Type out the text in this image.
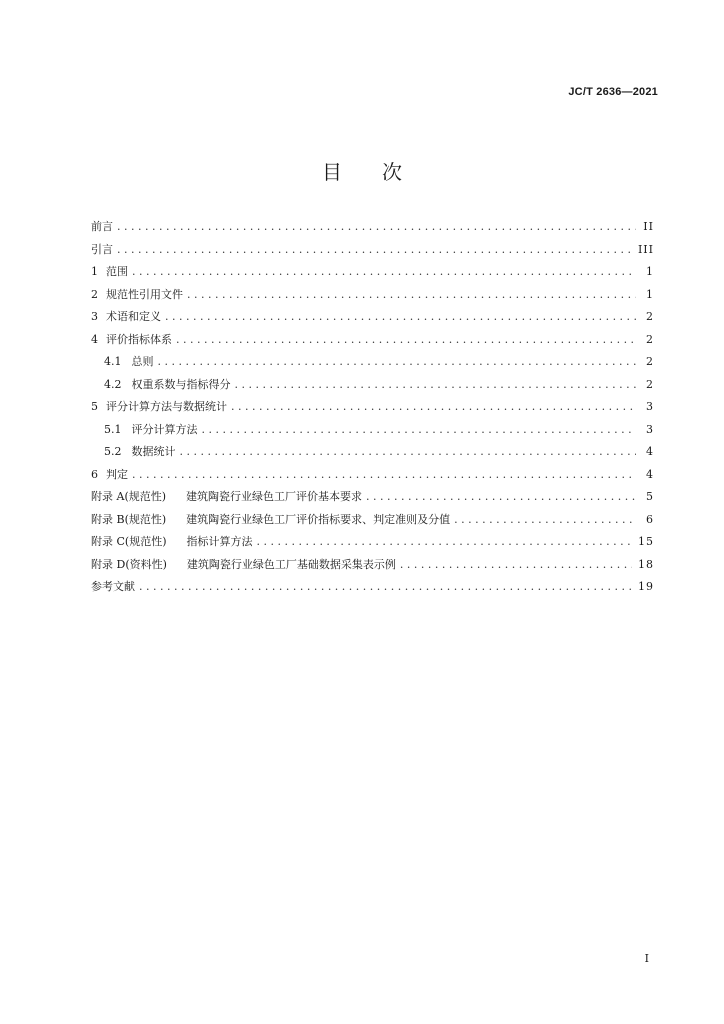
JC/T 2636—2021
目 次
前言 . . .	II
引言 . . .	III
1 范围 . . .	1
2 规范性引用文件 . . .	1
3 术语和定义 . . .	2
4 评价指标体系 . . .	2
4.1 总则 . . .	2
4.2 权重系数与指标得分 . . .	2
5 评分计算方法与数据统计 . . .	3
5.1 评分计算方法 . . .	3
5.2 数据统计 . . .	4
6 判定 . . .	4
附录 A(规范性) 建筑陶瓷行业绿色工厂评价基本要求 . . .	5
附录 B(规范性) 建筑陶瓷行业绿色工厂评价指标要求、判定准则及分值 . . .	6
附录 C(规范性) 指标计算方法 . . .	15
附录 D(资料性) 建筑陶瓷行业绿色工厂基础数据采集表示例 . . .	18
参考文献 . . .	19
I
